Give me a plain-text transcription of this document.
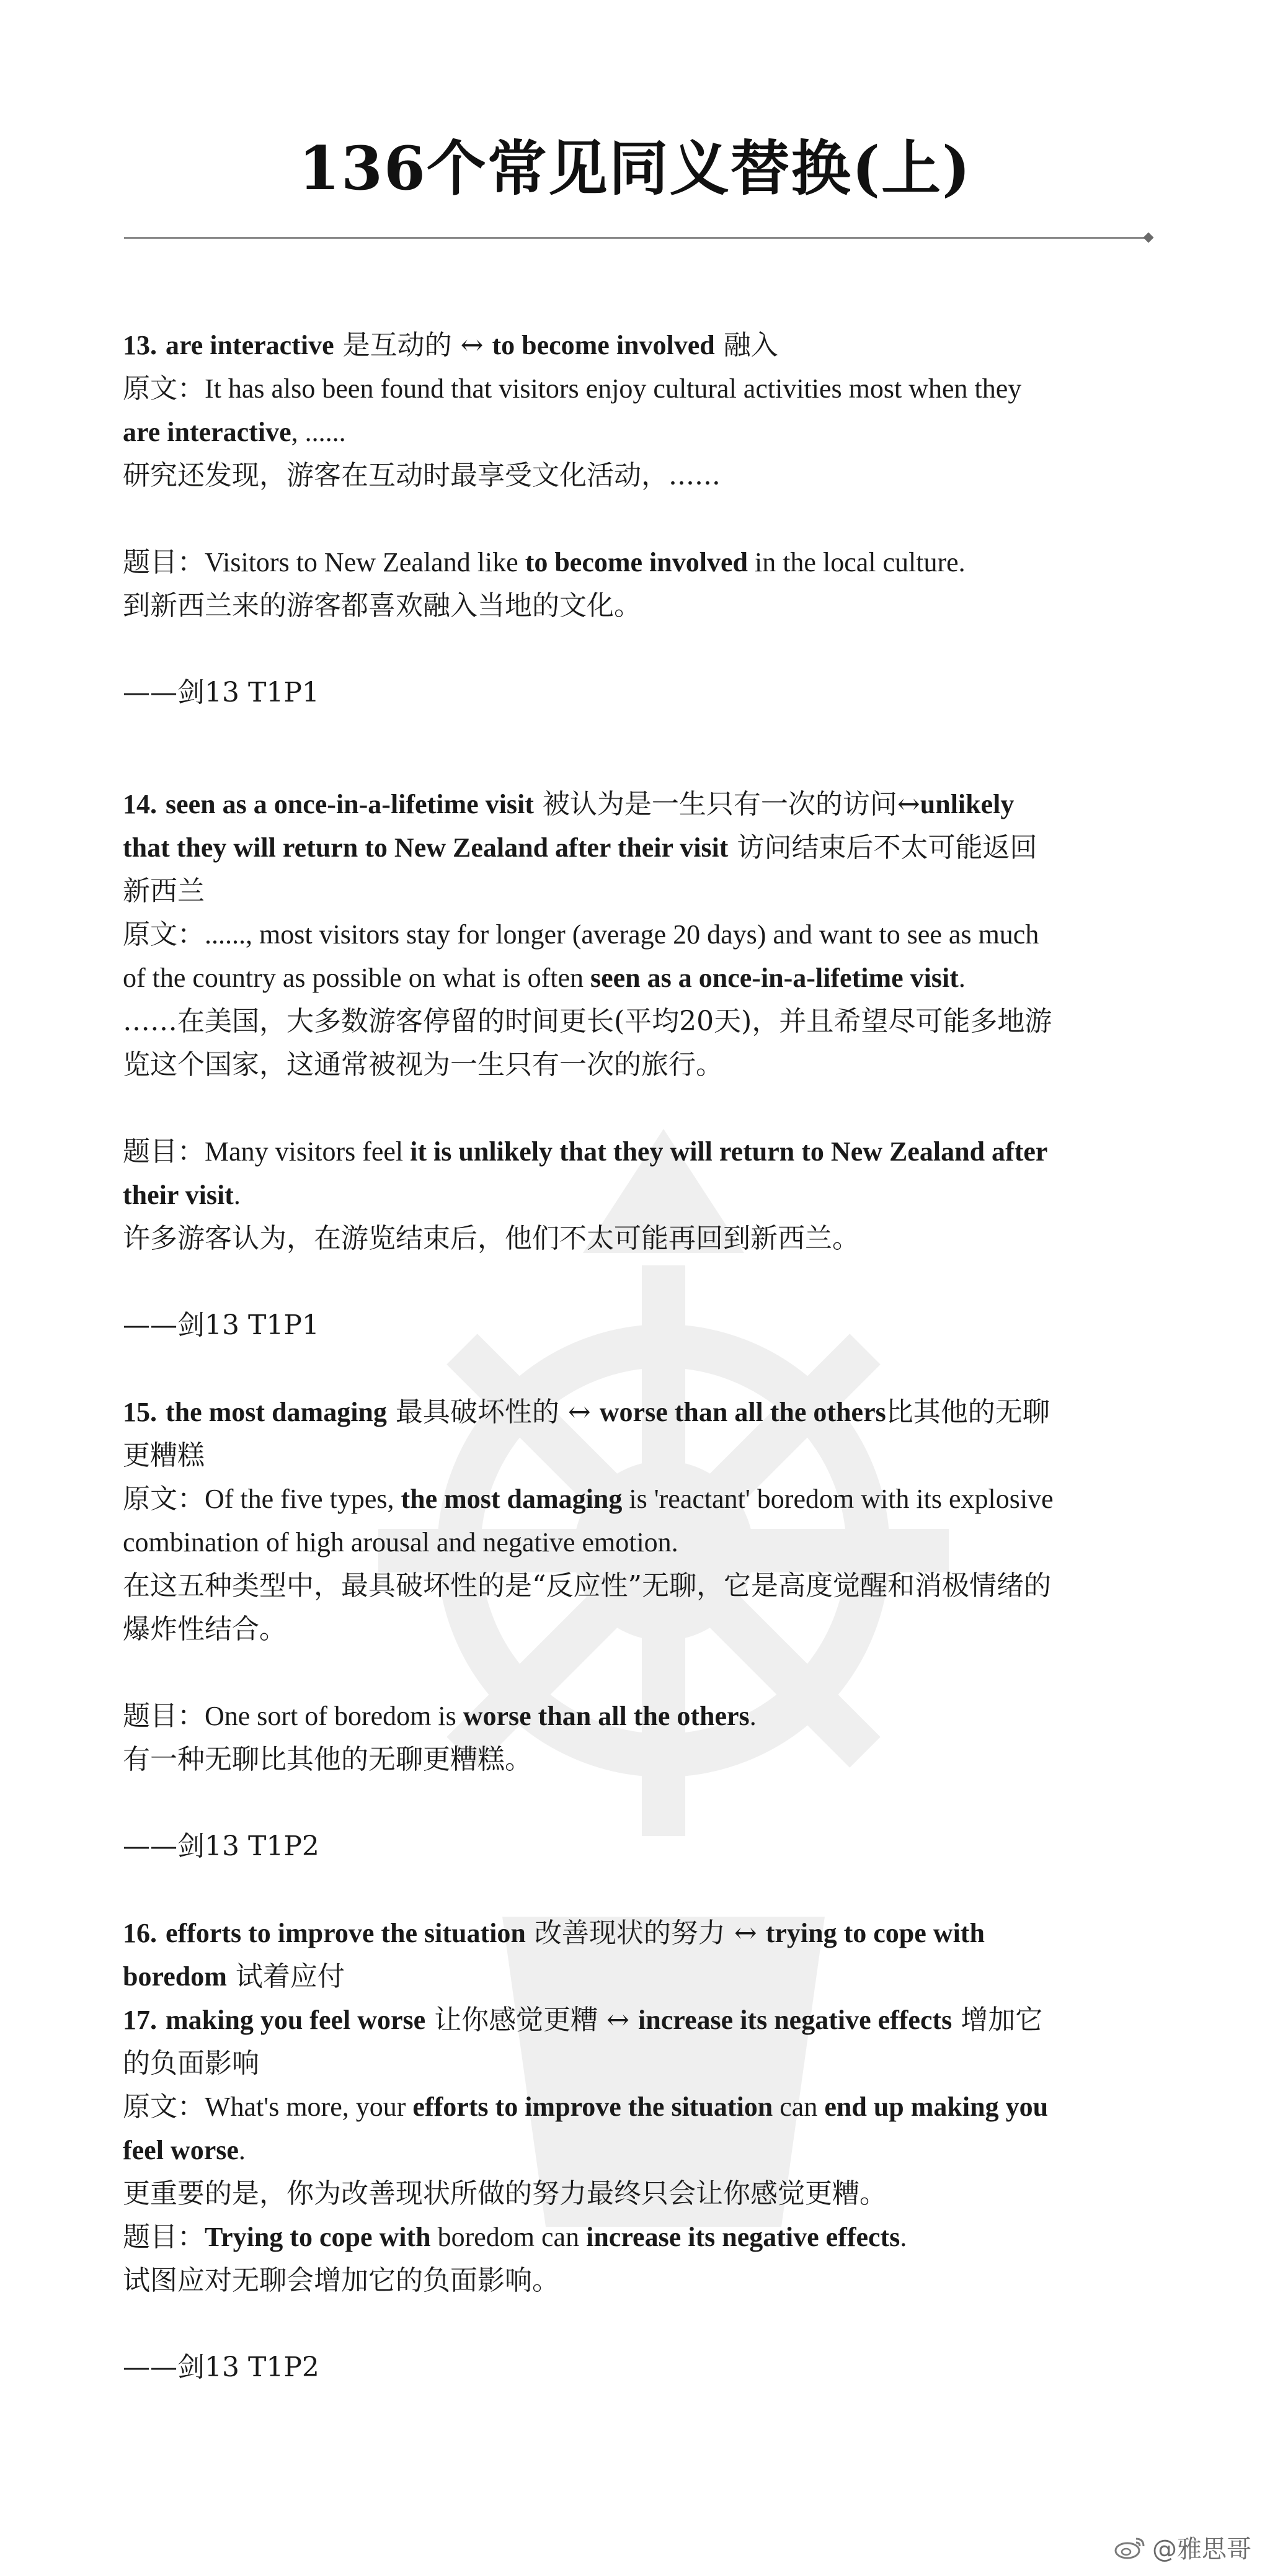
136个常见同义替换(上)
13. are interactive 是互动的 ↔ to become involved 融入
原文：It has also been found that visitors enjoy cultural activities most when they
are interactive, ......
研究还发现，游客在互动时最享受文化活动，......
题目：Visitors to New Zealand like to become involved in the local culture.
到新西兰来的游客都喜欢融入当地的文化。
——剑13 T1P1
14. seen as a once-in-a-lifetime visit 被认为是一生只有一次的访问↔unlikely
that they will return to New Zealand after their visit 访问结束后不太可能返回
新西兰
原文：......, most visitors stay for longer (average 20 days) and want to see as much
of the country as possible on what is often seen as a once-in-a-lifetime visit.
……在美国，大多数游客停留的时间更长(平均20天)，并且希望尽可能多地游
览这个国家，这通常被视为一生只有一次的旅行。
题目：Many visitors feel it is unlikely that they will return to New Zealand after
their visit.
许多游客认为，在游览结束后，他们不太可能再回到新西兰。
——剑13 T1P1
15. the most damaging 最具破坏性的 ↔ worse than all the others比其他的无聊
更糟糕
原文：Of the five types, the most damaging is 'reactant' boredom with its explosive
combination of high arousal and negative emotion.
在这五种类型中，最具破坏性的是“反应性”无聊，它是高度觉醒和消极情绪的
爆炸性结合。
题目：One sort of boredom is worse than all the others.
有一种无聊比其他的无聊更糟糕。
——剑13 T1P2
16. efforts to improve the situation 改善现状的努力 ↔ trying to cope with
boredom 试着应付
17. making you feel worse 让你感觉更糟 ↔ increase its negative effects 增加它
的负面影响
原文：What's more, your efforts to improve the situation can end up making you
feel worse.
更重要的是，你为改善现状所做的努力最终只会让你感觉更糟。
题目：Trying to cope with boredom can increase its negative effects.
试图应对无聊会增加它的负面影响。
——剑13 T1P2
@雅思哥
